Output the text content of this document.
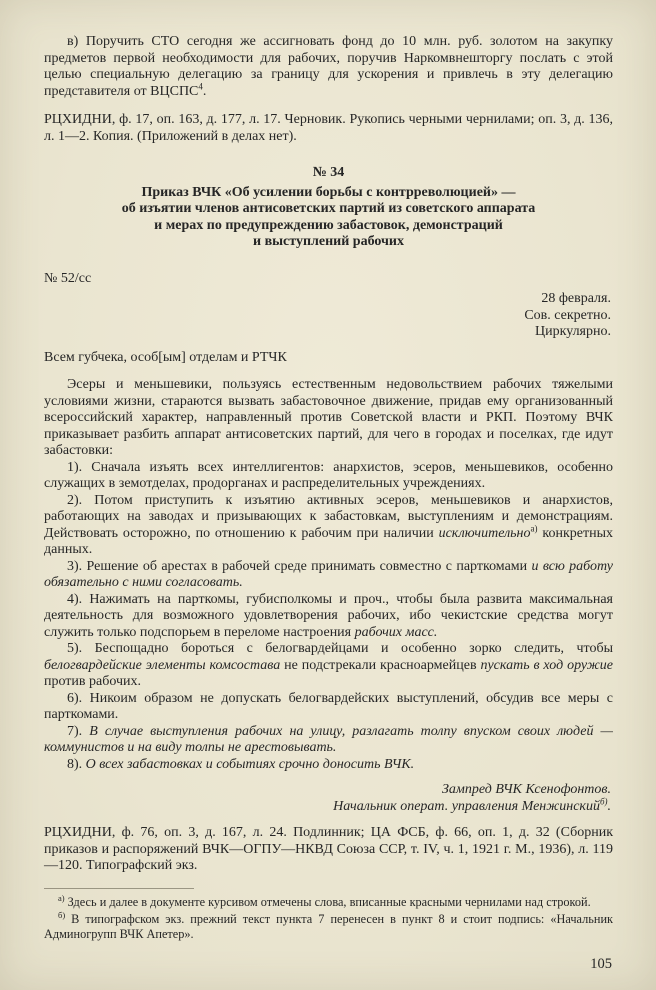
в) Поручить СТО сегодня же ассигновать фонд до 10 млн. руб. золотом на закупку предметов первой необходимости для рабочих, поручив Наркомвнешторгу послать с этой целью специальную делегацию за границу для ускорения и привлечь в эту делегацию представителя от ВЦСПС$^4$.

РЦХИДНИ, ф. 17, оп. 163, д. 177, л. 17. Черновик. Рукопись черными чернилами; оп. 3, д. 136, л. 1—2. Копия. (Приложений в делах нет).

№ 34
Приказ ВЧК «Об усилении борьбы с контрреволюцией» —
об изъятии членов антисоветских партий из советского аппарата
и мерах по предупреждению забастовок, демонстраций
и выступлений рабочих
№ 52/сс
28 февраля.
Сов. секретно.
Циркулярно.
Всем губчека, особ[ым] отделам и РТЧК

Эсеры и меньшевики, пользуясь естественным недовольствием рабочих тяжелыми условиями жизни, стараются вызвать забастовочное движение, придав ему организованный всероссийский характер, направленный против Советской власти и РКП. Поэтому ВЧК приказывает разбить аппарат антисоветских партий, для чего в городах и поселках, где идут забастовки:

1). Сначала изъять всех интеллигентов: анархистов, эсеров, меньшевиков, особенно служащих в земотделах, продорганах и распределительных учреждениях.

2). Потом приступить к изъятию активных эсеров, меньшевиков и анархистов, работающих на заводах и призывающих к забастовкам, выступлениям и демонстрациям. Действовать осторожно, по отношению к рабочим при наличии исключительно$^{а)}$ конкретных данных.

3). Решение об арестах в рабочей среде принимать совместно с парткомами и всю работу обязательно с ними согласовать.

4). Нажимать на парткомы, губисполкомы и проч., чтобы была развита максимальная деятельность для возможного удовлетворения рабочих, ибо чекистские средства могут служить только подспорьем в переломе настроения рабочих масс.

5). Беспощадно бороться с белогвардейцами и особенно зорко следить, чтобы белогвардейские элементы комсостава не подстрекали красноармейцев пускать в ход оружие против рабочих.

6). Никоим образом не допускать белогвардейских выступлений, обсудив все меры с парткомами.

7). В случае выступления рабочих на улицу, разлагать толпу впуском своих людей — коммунистов и на виду толпы не арестовывать.

8). О всех забастовках и событиях срочно доносить ВЧК.

Зампред ВЧК Ксенофонтов.
Начальник операт. управления Менжинский$^{б)}$.

РЦХИДНИ, ф. 76, оп. 3, д. 167, л. 24. Подлинник; ЦА ФСБ, ф. 66, оп. 1, д. 32 (Сборник приказов и распоряжений ВЧК—ОГПУ—НКВД Союза ССР, т. IV, ч. 1, 1921 г. М., 1936), л. 119—120. Типографский экз.

$^{а)}$ Здесь и далее в документе курсивом отмечены слова, вписанные красными чернилами над строкой.

$^{б)}$ В типографском экз. прежний текст пункта 7 перенесен в пункт 8 и стоит подпись: «Начальник Админогрупп ВЧК Апетер».

105
